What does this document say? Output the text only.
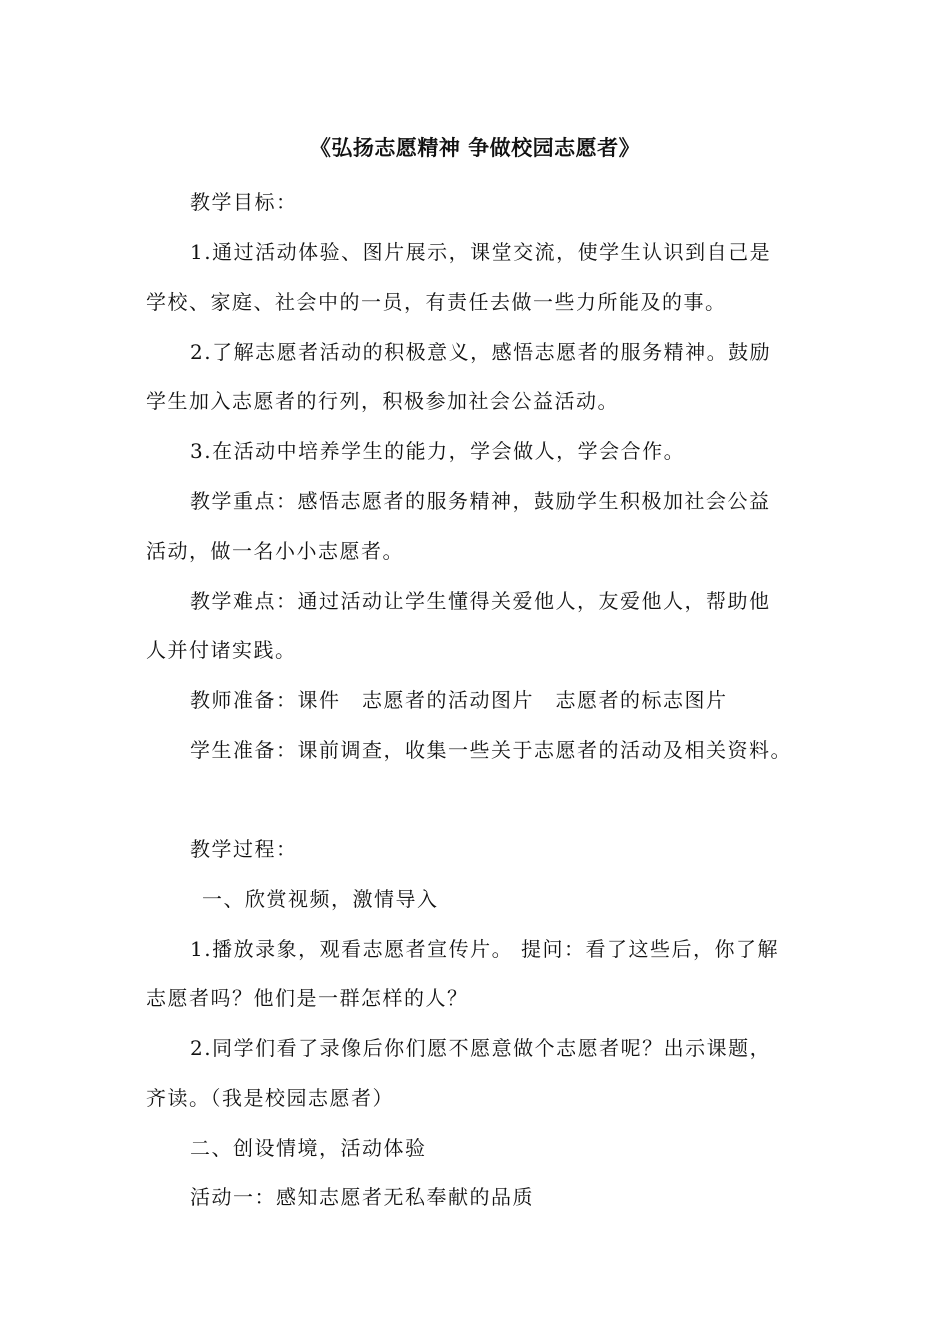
《弘扬志愿精神 争做校园志愿者》
教学目标：
1.通过活动体验、图片展示，课堂交流，使学生认识到自己是
学校、家庭、社会中的一员，有责任去做一些力所能及的事。
2.了解志愿者活动的积极意义，感悟志愿者的服务精神。鼓励
学生加入志愿者的行列，积极参加社会公益活动。
3.在活动中培养学生的能力，学会做人，学会合作。
教学重点：感悟志愿者的服务精神，鼓励学生积极加社会公益
活动，做一名小小志愿者。
教学难点：通过活动让学生懂得关爱他人，友爱他人，帮助他
人并付诸实践。
教师准备：课件　志愿者的活动图片　志愿者的标志图片
学生准备：课前调查，收集一些关于志愿者的活动及相关资料。
教学过程：
一、欣赏视频，激情导入
1.播放录象，观看志愿者宣传片。 提问：看了这些后，你了解
志愿者吗？他们是一群怎样的人？
2.同学们看了录像后你们愿不愿意做个志愿者呢？出示课题，
齐读。（我是校园志愿者）
二、创设情境，活动体验
活动一：感知志愿者无私奉献的品质
